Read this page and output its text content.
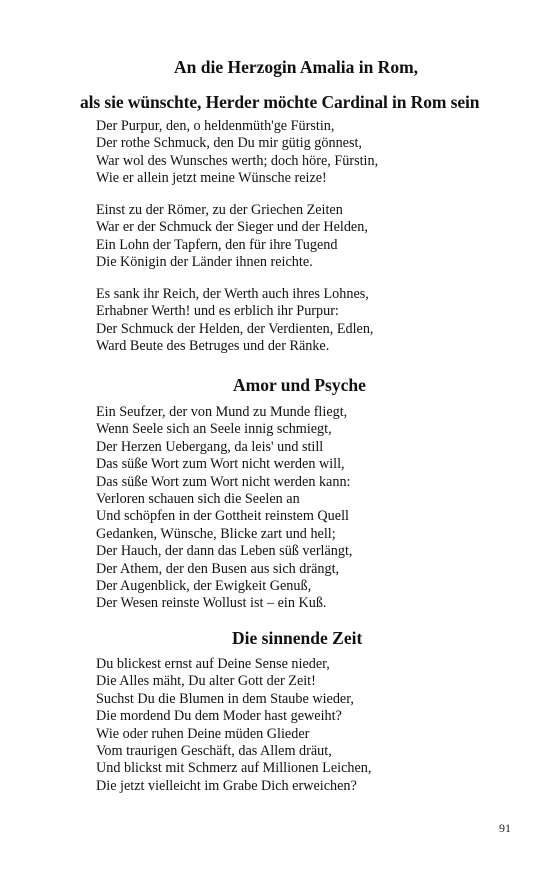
An die Herzogin Amalia in Rom,
als sie wünschte, Herder möchte Cardinal in Rom sein
Der Purpur, den, o heldenmüth'ge Fürstin,
Der rothe Schmuck, den Du mir gütig gönnest,
War wol des Wunsches werth; doch höre, Fürstin,
Wie er allein jetzt meine Wünsche reize!
Einst zu der Römer, zu der Griechen Zeiten
War er der Schmuck der Sieger und der Helden,
Ein Lohn der Tapfern, den für ihre Tugend
Die Königin der Länder ihnen reichte.
Es sank ihr Reich, der Werth auch ihres Lohnes,
Erhabner Werth! und es erblich ihr Purpur:
Der Schmuck der Helden, der Verdienten, Edlen,
Ward Beute des Betruges und der Ränke.
Amor und Psyche
Ein Seufzer, der von Mund zu Munde fliegt,
Wenn Seele sich an Seele innig schmiegt,
Der Herzen Uebergang, da leis' und still
Das süße Wort zum Wort nicht werden will,
Das süße Wort zum Wort nicht werden kann:
Verloren schauen sich die Seelen an
Und schöpfen in der Gottheit reinstem Quell
Gedanken, Wünsche, Blicke zart und hell;
Der Hauch, der dann das Leben süß verlängt,
Der Athem, der den Busen aus sich drängt,
Der Augenblick, der Ewigkeit Genuß,
Der Wesen reinste Wollust ist – ein Kuß.
Die sinnende Zeit
Du blickest ernst auf Deine Sense nieder,
Die Alles mäht, Du alter Gott der Zeit!
Suchst Du die Blumen in dem Staube wieder,
Die mordend Du dem Moder hast geweiht?
Wie oder ruhen Deine müden Glieder
Vom traurigen Geschäft, das Allem dräut,
Und blickst mit Schmerz auf Millionen Leichen,
Die jetzt vielleicht im Grabe Dich erweichen?
91
